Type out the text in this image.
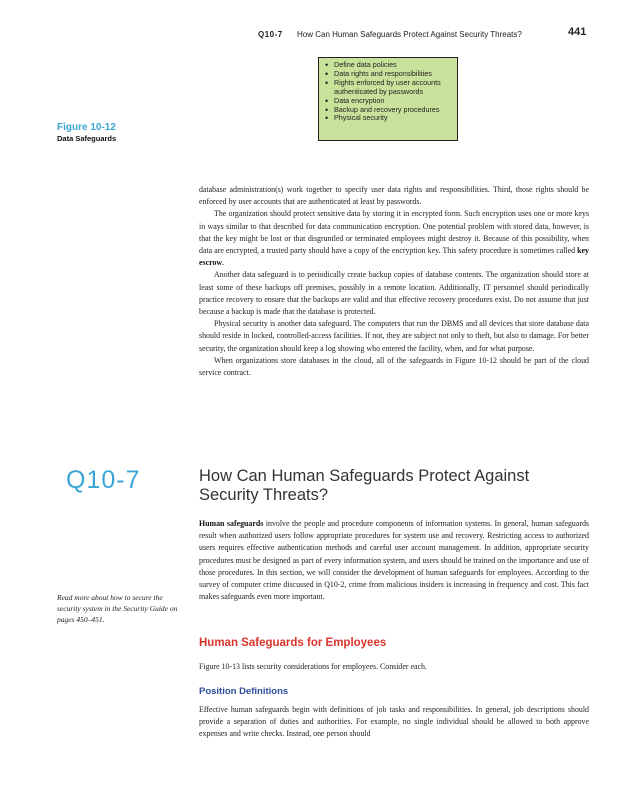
Q10-7 How Can Human Safeguards Protect Against Security Threats?	441
• Define data policies
• Data rights and responsibilities
• Rights enforced by user accounts authenticated by passwords
• Data encryption
• Backup and recovery procedures
• Physical security
Figure 10-12
Data Safeguards

database administration(s) work together to specify user data rights and responsibilities. Third, those rights should be enforced by user accounts that are authenticated at least by passwords.

The organization should protect sensitive data by storing it in encrypted form. Such encryption uses one or more keys in ways similar to that described for data communication encryption. One potential problem with stored data, however, is that the key might be lost or that disgruntled or terminated employees might destroy it. Because of this possibility, when data are encrypted, a trusted party should have a copy of the encryption key. This safety procedure is sometimes called key escrow.

Another data safeguard is to periodically create backup copies of database contents. The organization should store at least some of these backups off premises, possibly in a remote location. Additionally, IT personnel should periodically practice recovery to ensure that the backups are valid and that effective recovery procedures exist. Do not assume that just because a backup is made that the database is protected.

Physical security is another data safeguard. The computers that run the DBMS and all devices that store database data should reside in locked, controlled-access facilities. If not, they are subject not only to theft, but also to damage. For better security, the organization should keep a log showing who entered the facility, when, and for what purpose.

When organizations store databases in the cloud, all of the safeguards in Figure 10-12 should be part of the cloud service contract.

Q10-7	How Can Human Safeguards Protect Against Security Threats?

Human safeguards involve the people and procedure components of information systems. In general, human safeguards result when authorized users follow appropriate procedures for system use and recovery. Restricting access to authorized users requires effective authentication methods and careful user account management. In addition, appropriate security procedures must be designed as part of every information system, and users should be trained on the importance and use of those procedures. In this section, we will consider the development of human safeguards for employees. According to the survey of computer crime discussed in Q10-2, crime from malicious insiders is increasing in frequency and cost. This fact makes safeguards even more important.

Read more about how to secure the security system in the Security Guide on pages 450–451.
Human Safeguards for Employees

Figure 10-13 lists security considerations for employees. Consider each.

Position Definitions

Effective human safeguards begin with definitions of job tasks and responsibilities. In general, job descriptions should provide a separation of duties and authorities. For example, no single individual should be allowed to both approve expenses and write checks. Instead, one person should
